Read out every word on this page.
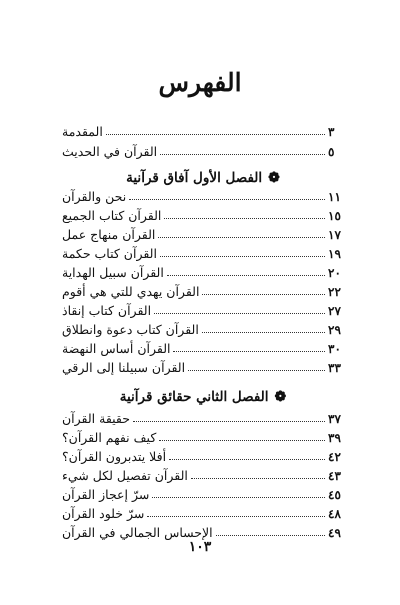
الفهرس
المقدمة	٣
القرآن في الحديث	٥
❁
الفصل الأول آفاق قرآنية
نحن والقرآن	١١
القرآن كتاب الجميع	١٥
القرآن منهاج عمل	١٧
القرآن كتاب حكمة	١٩
القرآن سبيل الهداية	٢٠
القرآن يهدي للتي هي أقوم	٢٢
القرآن كتاب إنقاذ	٢٧
القرآن كتاب دعوة وانطلاق	٢٩
القرآن أساس النهضة	٣٠
القرآن سبيلنا إلى الرقي	٣٣
❁
الفصل الثاني حقائق قرآنية
حقيقة القرآن	٣٧
كيف نفهم القرآن؟	٣٩
أفلا يتدبرون القرآن؟	٤٢
القرآن تفصيل لكل شيء	٤٣
سرّ إعجاز القرآن	٤٥
سرّ خلود القرآن	٤٨
الإحساس الجمالي في القرآن	٤٩
١٠٣
